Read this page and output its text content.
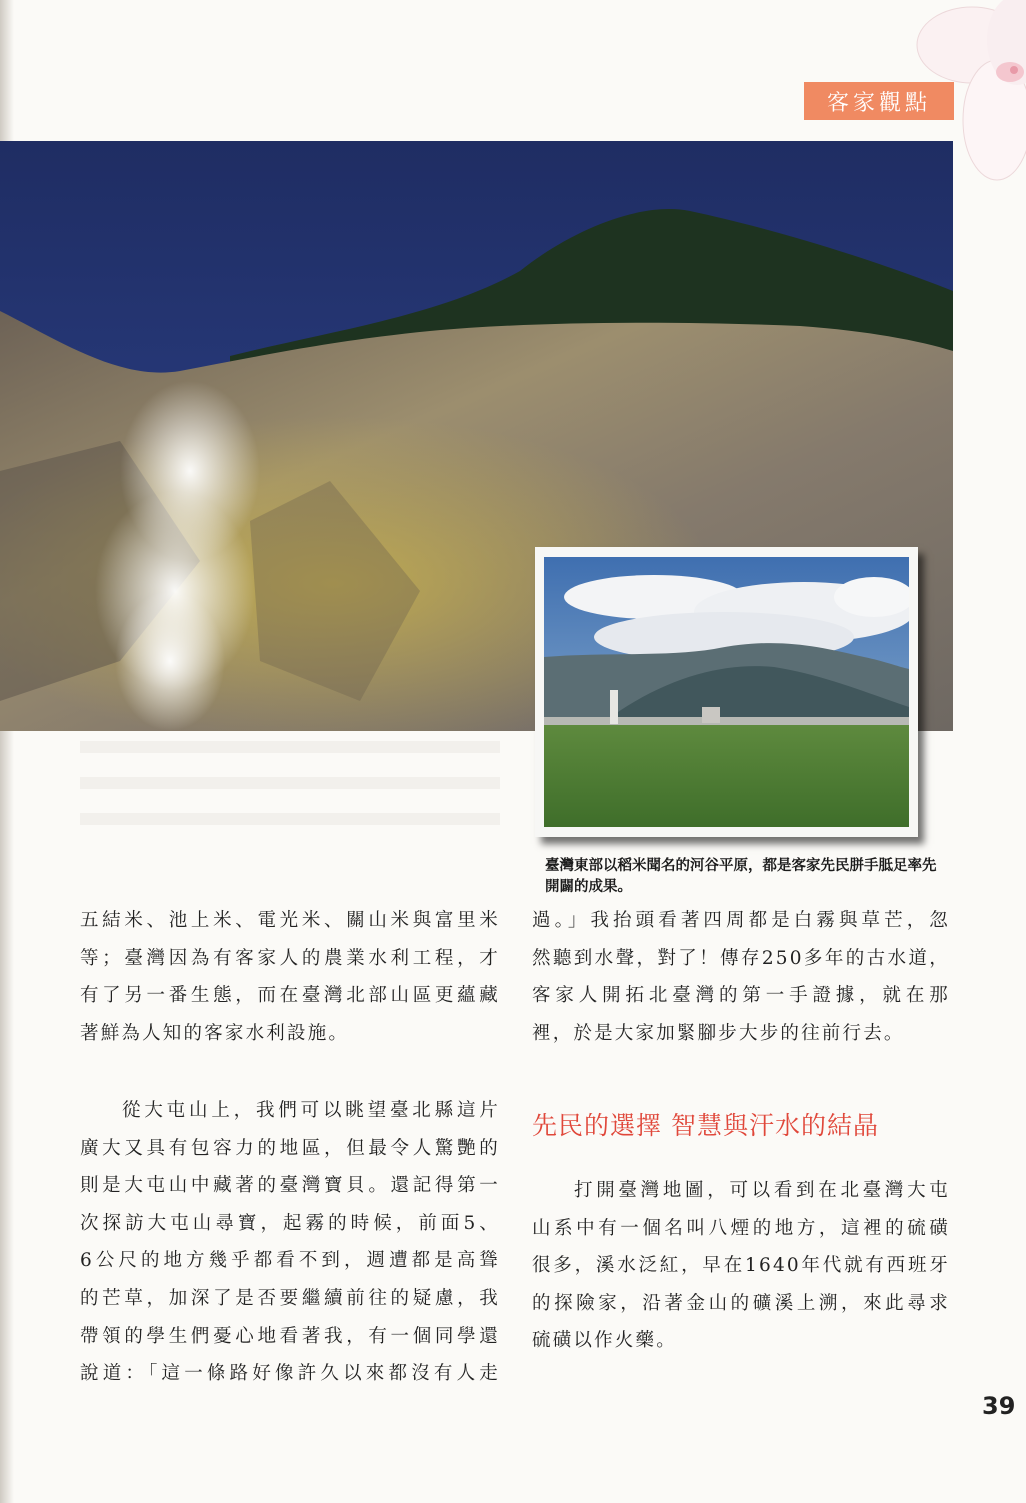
客家觀點
臺灣東部以稻米聞名的河谷平原，都是客家先民胼手胝足率先開闢的成果。

五結米、池上米、電光米、關山米與富里米

等；臺灣因為有客家人的農業水利工程，才

有了另一番生態，而在臺灣北部山區更蘊藏

著鮮為人知的客家水利設施。

從大屯山上，我們可以眺望臺北縣這片

廣大又具有包容力的地區，但最令人驚艷的

則是大屯山中藏著的臺灣寶貝。還記得第一

次探訪大屯山尋寶，起霧的時候，前面5、

6公尺的地方幾乎都看不到，週遭都是高聳

的芒草，加深了是否要繼續前往的疑慮，我

帶領的學生們憂心地看著我，有一個同學還

說道：「這一條路好像許久以來都沒有人走

過。」我抬頭看著四周都是白霧與草芒，忽

然聽到水聲，對了！傳存250多年的古水道，

客家人開拓北臺灣的第一手證據，就在那

裡，於是大家加緊腳步大步的往前行去。

先民的選擇 智慧與汗水的結晶

打開臺灣地圖，可以看到在北臺灣大屯

山系中有一個名叫八煙的地方，這裡的硫磺

很多，溪水泛紅，早在1640年代就有西班牙

的探險家，沿著金山的礦溪上溯，來此尋求

硫磺以作火藥。

39
